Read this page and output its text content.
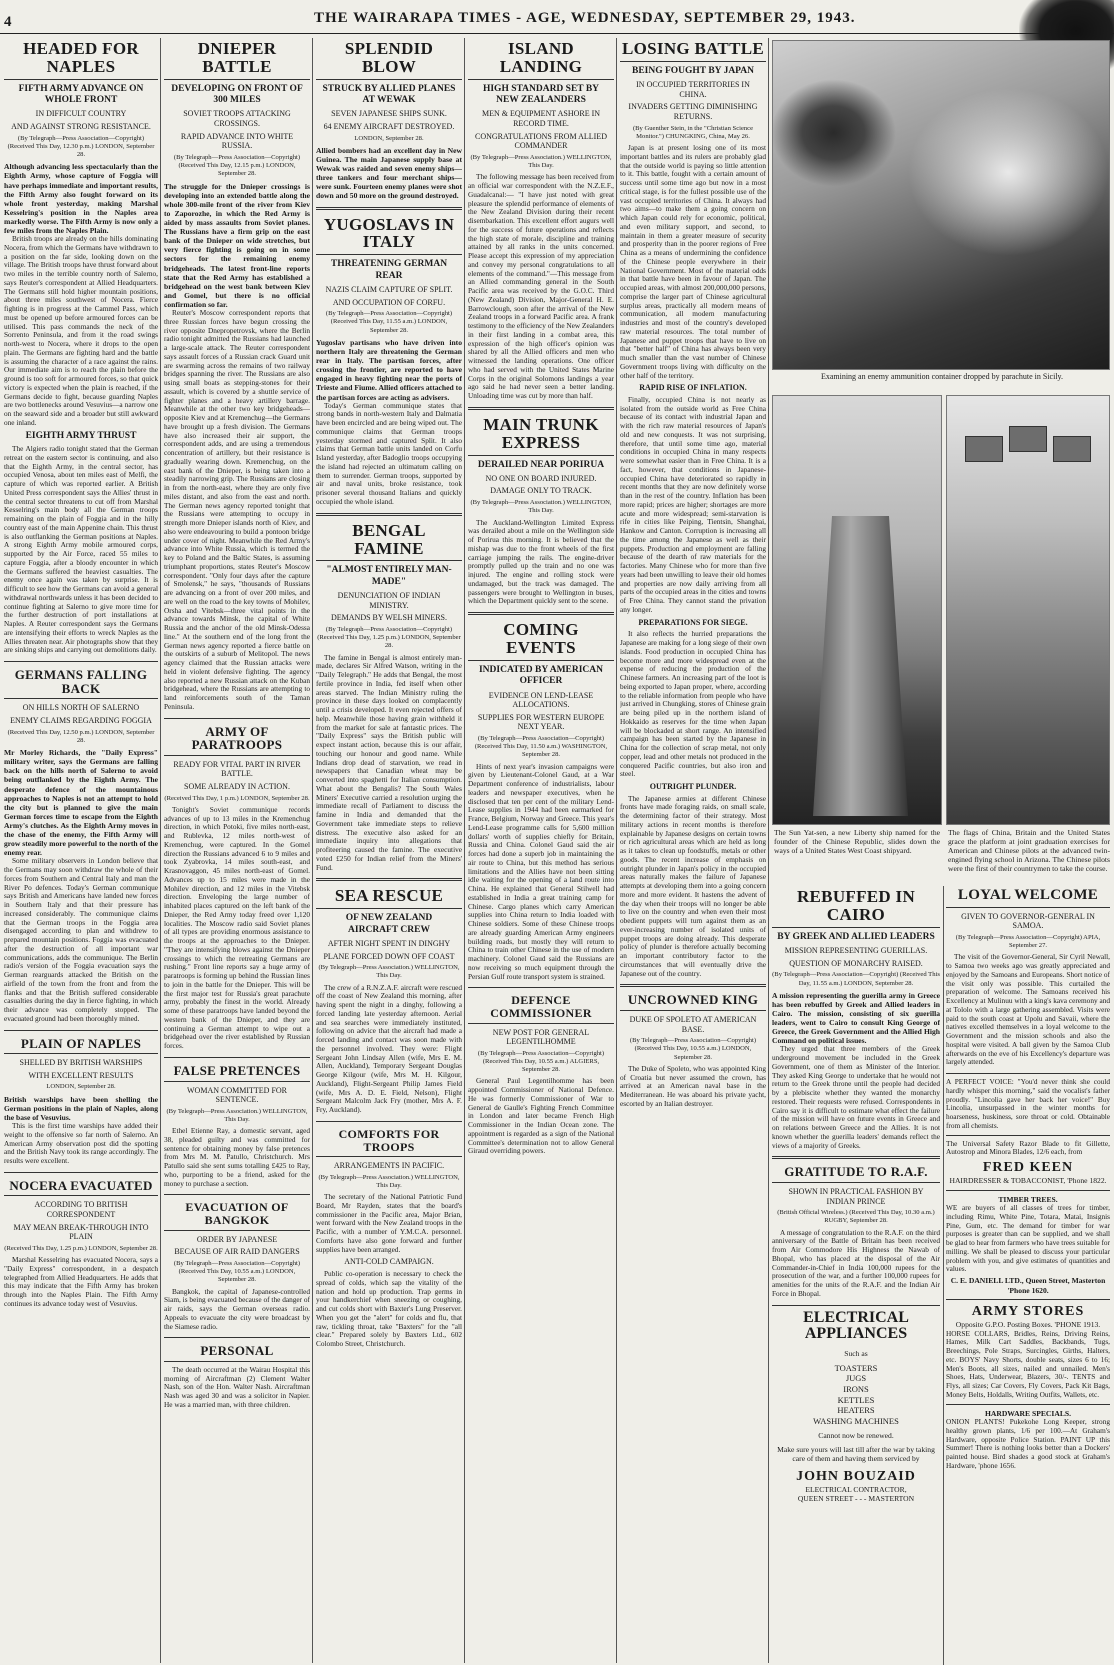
4	THE WAIRARAPA TIMES - AGE, WEDNESDAY, SEPTEMBER 29, 1943.
HEADED FOR NAPLES
FIFTH ARMY ADVANCE ON WHOLE FRONT
IN DIFFICULT COUNTRY
AND AGAINST STRONG RESISTANCE.
(By Telegraph—Press Association—Copyright) (Received This Day, 12.30 p.m.) LONDON, September 28.
Although advancing less spectacularly than the Eighth Army, whose capture of Foggia will have perhaps immediate and important results, the Fifth Army also fought forward on its whole front yesterday, making Marshal Kesselring's position in the Naples area markedly worse. The Fifth Army is now only a few miles from the Naples Plain.

British troops are already on the hills dominating Nocera, from which the Germans have withdrawn to a position on the far side, looking down on the village. The British troops have thrust forward about two miles in the terrible country north of Salerno, says Reuter's correspondent at Allied Headquarters. The Germans still hold higher mountain positions, about three miles southwest of Nocera. Fierce fighting is in progress at the Cammel Pass, which must be opened up before armoured forces can be utilised. This pass commands the neck of the Sorrento Peninsula, and from it the road swings north-west to Nocera, where it drops to the open plain. The Germans are fighting hard and the battle is assuming the character of a race against the rains. Our immediate aim is to reach the plain before the ground is too soft for armoured forces, so that quick victory is expected when the plain is reached, if the Germans decide to fight, because guarding Naples are two bottlenecks around Vesuvius—a narrow one on the seaward side and a broader but still awkward one inland.

EIGHTH ARMY THRUST

The Algiers radio tonight stated that the German retreat on the eastern sector is continuing, and also that the Eighth Army, in the central sector, has occupied Venosa, about ten miles east of Melfi, the capture of which was reported earlier. A British United Press correspondent says the Allies' thrust in the central sector threatens to cut off from Marshal Kesselring's main body all the German troops remaining on the plain of Foggia and in the hilly country east of the main Appenine chain. This thrust is also outflanking the German positions at Naples. A strong Eighth Army mobile armoured corps, supported by the Air Force, raced 55 miles to capture Foggia, after a bloody encounter in which the Germans suffered the heaviest casualties. The enemy once again was taken by surprise. It is difficult to see how the Germans can avoid a general withdrawal northwards unless it has been decided to continue fighting at Salerno to give more time for the further destruction of port installations at Naples. A Reuter correspondent says the Germans are intensifying their efforts to wreck Naples as the Allies threaten near. Air photographs show that they are sinking ships and carrying out demolitions daily.

GERMANS FALLING BACK
ON HILLS NORTH OF SALERNO
ENEMY CLAIMS REGARDING FOGGIA
(Received This Day, 12.50 p.m.) LONDON, September 28.
Mr Morley Richards, the "Daily Express" military writer, says the Germans are falling back on the hills north of Salerno to avoid being outflanked by the Eighth Army. The desperate defence of the mountainous approaches to Naples is not an attempt to hold the city but is planned to give the main German forces time to escape from the Eighth Army's clutches. As the Eighth Army moves in the chase of the enemy, the Fifth Army will grow steadily more powerful to the north of the enemy rear.

Some military observers in London believe that the Germans may soon withdraw the whole of their forces from Southern and Central Italy and man the River Po defences. Today's German communique says British and Americans have landed new forces in Southern Italy and that their pressure has increased considerably. The communique claims that the German troops in the Foggia area disengaged according to plan and withdrew to prepared mountain positions. Foggia was evacuated after the destruction of all important war communications, adds the communique. The Berlin radio's version of the Foggia evacuation says the German rearguards attacked the British on the airfield of the town from the front and from the flanks and that the British suffered considerable casualties during the day in fierce fighting, in which their advance was completely stopped. The evacuated ground had been thoroughly mined.

PLAIN OF NAPLES
SHELLED BY BRITISH WARSHIPS
WITH EXCELLENT RESULTS
LONDON, September 28.
British warships have been shelling the German positions in the plain of Naples, along the base of Vesuvius.

This is the first time warships have added their weight to the offensive so far north of Salerno. An American Army observation post did the spotting and the British Navy took its range accordingly. The results were excellent.

NOCERA EVACUATED
ACCORDING TO BRITISH CORRESPONDENT
MAY MEAN BREAK-THROUGH INTO PLAIN
(Received This Day, 1.25 p.m.) LONDON, September 28.

Marshal Kesselring has evacuated Nocera, says a "Daily Express" correspondent, in a despatch telegraphed from Allied Headquarters. He adds that this may indicate that the Fifth Army has broken through into the Naples Plain. The Fifth Army continues its advance today west of Vesuvius.

DNIEPER BATTLE
DEVELOPING ON FRONT OF 300 MILES
SOVIET TROOPS ATTACKING CROSSINGS.
RAPID ADVANCE INTO WHITE RUSSIA.
(By Telegraph—Press Association—Copyright) (Received This Day, 12.15 p.m.) LONDON, September 28.
The struggle for the Dnieper crossings is developing into an extended battle along the whole 300-mile front of the river from Kiev to Zaporozhe, in which the Red Army is aided by mass assaults from Soviet planes. The Russians have a firm grip on the east bank of the Dnieper on wide stretches, but very fierce fighting is going on in some sectors for the remaining enemy bridgeheads. The latest front-line reports state that the Red Army has established a bridgehead on the west bank between Kiev and Gomel, but there is no official confirmation so far.

Reuter's Moscow correspondent reports that three Russian forces have begun crossing the river opposite Dnepropetrovsk, where the Berlin radio tonight admitted the Russians had launched a large-scale attack. The Reuter correspondent says assault forces of a Russian crack Guard unit are swarming across the remains of two railway bridges spanning the river. The Russians are also using small boats as stepping-stones for their assault, which is covered by a shuttle service of fighter planes and a heavy artillery barrage. Meanwhile at the other two key bridgeheads—opposite Kiev and at Kremenchug—the Germans have brought up a fresh division. The Germans have also increased their air support, the correspondent adds, and are using a tremendous concentration of artillery, but their resistance is gradually wearing down. Kremenchug, on the east bank of the Dnieper, is being taken into a steadily narrowing grip. The Russians are closing in from the north-east, where they are only five miles distant, and also from the east and north. The German news agency reported tonight that the Russians were attempting to occupy in strength more Dnieper islands north of Kiev, and also were endeavouring to build a pontoon bridge under cover of night. Meanwhile the Red Army's advance into White Russia, which is termed the key to Poland and the Baltic States, is assuming triumphant proportions, states Reuter's Moscow correspondent. "Only four days after the capture of Smolensk," he says, "thousands of Russians are advancing on a front of over 200 miles, and are well on the road to the key towns of Mohilev, Orsha and Vitebsk—three vital points in the advance towards Minsk, the capital of White Russia and the anchor of the old Minsk-Odessa line." At the southern end of the long front the German news agency reported a fierce battle on the outskirts of a suburb of Melitopol. The news agency claimed that the Russian attacks were held in violent defensive fighting. The agency also reported a new Russian attack on the Kuban bridgehead, where the Russians are attempting to land reinforcements south of the Taman Peninsula.

ARMY OF PARATROOPS
READY FOR VITAL PART IN RIVER BATTLE.
SOME ALREADY IN ACTION.
(Received This Day, 1 p.m.) LONDON, September 28.

Tonight's Soviet communique records advances of up to 13 miles in the Kremenchug direction, in which Potoki, five miles north-east, and Rublevka, 12 miles north-west of Kremenchug, were captured. In the Gomel direction the Russians advanced 6 to 9 miles and took Zyabrovka, 14 miles south-east, and Krasnovaggon, 45 miles north-east of Gomel. Advances up to 15 miles were made in the Mohilev direction, and 12 miles in the Vitebsk direction. Enveloping the large number of inhabited places captured on the left bank of the Dnieper, the Red Army today freed over 1,120 localities. The Moscow radio said Soviet planes of all types are providing enormous assistance to the troops at the approaches to the Dnieper. "They are intensifying blows against the Dnieper crossings to which the retreating Germans are rushing." Front line reports say a huge army of paratroops is forming up behind the Russian lines to join in the battle for the Dnieper. This will be the first major test for Russia's great parachute army, probably the finest in the world. Already some of these paratroops have landed beyond the western bank of the Dnieper, and they are continuing a German attempt to wipe out a bridgehead over the river established by Russian forces.

FALSE PRETENCES
WOMAN COMMITTED FOR SENTENCE.
(By Telegraph—Press Association.) WELLINGTON, This Day.

Ethel Etienne Ray, a domestic servant, aged 38, pleaded guilty and was committed for sentence for obtaining money by false pretences from Mrs M. M. Patullo, Christchurch. Mrs Patullo said she sent sums totalling £425 to Ray, who, purporting to be a friend, asked for the money to purchase a section.

EVACUATION OF BANGKOK
ORDER BY JAPANESE
BECAUSE OF AIR RAID DANGERS
(By Telegraph—Press Association—Copyright) (Received This Day, 10.55 a.m.) LONDON, September 28.

Bangkok, the capital of Japanese-controlled Siam, is being evacuated because of the danger of air raids, says the German overseas radio. Appeals to evacuate the city were broadcast by the Siamese radio.

PERSONAL

The death occurred at the Wairau Hospital this morning of Aircraftman (2) Clement Walter Nash, son of the Hon. Walter Nash. Aircraftman Nash was aged 30 and was a solicitor in Napier. He was a married man, with three children.

SPLENDID BLOW
STRUCK BY ALLIED PLANES AT WEWAK
SEVEN JAPANESE SHIPS SUNK.
64 ENEMY AIRCRAFT DESTROYED.
LONDON, September 28.
Allied bombers had an excellent day in New Guinea. The main Japanese supply base at Wewak was raided and seven enemy ships—three tankers and four merchant ships—were sunk. Fourteen enemy planes were shot down and 50 more on the ground destroyed.
YUGOSLAVS IN ITALY
THREATENING GERMAN REAR
NAZIS CLAIM CAPTURE OF SPLIT.
AND OCCUPATION OF CORFU.
(By Telegraph—Press Association—Copyright) (Received This Day, 11.55 a.m.) LONDON, September 28.
Yugoslav partisans who have driven into northern Italy are threatening the German rear in Italy. The partisan forces, after crossing the frontier, are reported to have engaged in heavy fighting near the ports of Trieste and Fiume. Allied officers attached to the partisan forces are acting as advisers.

Today's German communique states that strong bands in north-western Italy and Dalmatia have been encircled and are being wiped out. The communique claims that German troops yesterday stormed and captured Split. It also claims that German battle units landed on Corfu Island yesterday, after Badoglio troops occupying the island had rejected an ultimatum calling on them to surrender. German troops, supported by air and naval units, broke resistance, took prisoner several thousand Italians and quickly occupied the whole island.

BENGAL FAMINE
"ALMOST ENTIRELY MAN-MADE"
DENUNCIATION OF INDIAN MINISTRY.
DEMANDS BY WELSH MINERS.
(By Telegraph—Press Association—Copyright) (Received This Day, 1.25 p.m.) LONDON, September 28.

The famine in Bengal is almost entirely man-made, declares Sir Alfred Watson, writing in the "Daily Telegraph." He adds that Bengal, the most fertile province in India, fed itself when other areas starved. The Indian Ministry ruling the province in these days looked on complacently until a crisis developed. It even rejected offers of help. Meanwhile those having grain withheld it from the market for sale at fantastic prices. The "Daily Express" says the British public will expect instant action, because this is our affair, touching our honour and good name. While Indians drop dead of starvation, we read in newspapers that Canadian wheat may be converted into spaghetti for Italian consumption. What about the Bengalis? The South Wales Miners' Executive carried a resolution urging the immediate recall of Parliament to discuss the famine in India and demanded that the Government take immediate steps to relieve distress. The executive also asked for an immediate inquiry into allegations that profiteering caused the famine. The executive voted £250 for Indian relief from the Miners' Fund.

SEA RESCUE
OF NEW ZEALAND AIRCRAFT CREW
AFTER NIGHT SPENT IN DINGHY
PLANE FORCED DOWN OFF COAST
(By Telegraph—Press Association.) WELLINGTON, This Day.

The crew of a R.N.Z.A.F. aircraft were rescued off the coast of New Zealand this morning, after having spent the night in a dinghy, following a forced landing late yesterday afternoon. Aerial and sea searches were immediately instituted, following on advice that the aircraft had made a forced landing and contact was soon made with the personnel involved. They were: Flight Sergeant John Lindsay Allen (wife, Mrs E. M. Allen, Auckland), Temporary Sergeant Douglas George Kilgour (wife, Mrs M. H. Kilgour, Auckland), Flight-Sergeant Philip James Field (wife, Mrs A. D. E. Field, Nelson), Flight Sergeant Malcolm Jack Fry (mother, Mrs A. F. Fry, Auckland).

COMFORTS FOR TROOPS
ARRANGEMENTS IN PACIFIC.
(By Telegraph—Press Association.) WELLINGTON, This Day.

The secretary of the National Patriotic Fund Board, Mr Rayden, states that the board's commissioner in the Pacific area, Major Brian, went forward with the New Zealand troops in the Pacific, with a number of Y.M.C.A. personnel. Comforts have also gone forward and further supplies have been arranged.

ANTI-COLD CAMPAIGN.

Public co-operation is necessary to check the spread of colds, which sap the vitality of the nation and hold up production. Trap germs in your handkerchief when sneezing or coughing, and cut colds short with Baxter's Lung Preserver. When you get the "alert" for colds and flu, that raw, tickling throat, take "Baxters" for the "all clear." Prepared solely by Baxters Ltd., 602 Colombo Street, Christchurch.

ISLAND LANDING
HIGH STANDARD SET BY NEW ZEALANDERS
MEN & EQUIPMENT ASHORE IN RECORD TIME.
CONGRATULATIONS FROM ALLIED COMMANDER
(By Telegraph—Press Association.) WELLINGTON, This Day.

The following message has been received from an official war correspondent with the N.Z.E.F., Guadalcanal:— "I have just noted with great pleasure the splendid performance of elements of the New Zealand Division during their recent disembarkation. This excellent effort augurs well for the success of future operations and reflects the high state of morale, discipline and training attained by all ranks in the units concerned. Please accept this expression of my appreciation and convey my personal congratulations to all elements of the command."—This message from an Allied commanding general in the South Pacific area was received by the G.O.C. Third (New Zealand) Division, Major-General H. E. Barrowclough, soon after the arrival of the New Zealand troops in a forward Pacific area. A frank testimony to the efficiency of the New Zealanders in their first landing in a combat area, this expression of the high officer's opinion was shared by all the Allied officers and men who witnessed the landing operations. One officer who had served with the United States Marine Corps in the original Solomons landings a year ago said he had never seen a better landing. Unloading time was cut by more than half.

MAIN TRUNK EXPRESS
DERAILED NEAR PORIRUA
NO ONE ON BOARD INJURED.
DAMAGE ONLY TO TRACK.
(By Telegraph—Press Association.) WELLINGTON, This Day.

The Auckland-Wellington Limited Express was derailed about a mile on the Wellington side of Porirua this morning. It is believed that the mishap was due to the front wheels of the first carriage jumping the rails. The engine-driver promptly pulled up the train and no one was injured. The engine and rolling stock were undamaged, but the track was damaged. The passengers were brought to Wellington in buses, which the Department quickly sent to the scene.

COMING EVENTS
INDICATED BY AMERICAN OFFICER
EVIDENCE ON LEND-LEASE ALLOCATIONS.
SUPPLIES FOR WESTERN EUROPE NEXT YEAR.
(By Telegraph—Press Association—Copyright) (Received This Day, 11.50 a.m.) WASHINGTON, September 28.

Hints of next year's invasion campaigns were given by Lieutenant-Colonel Gaud, at a War Department conference of industrialists, labour leaders and newspaper executives, when he disclosed that ten per cent of the military Lend-Lease supplies in 1944 had been earmarked for France, Belgium, Norway and Greece. This year's Lend-Lease programme calls for 5,600 million dollars' worth of supplies chiefly for Britain, Russia and China. Colonel Gaud said the air forces had done a superb job in maintaining the air route to China, but this method has serious limitations and the Allies have not been sitting idle waiting for the opening of a land route into China. He explained that General Stilwell had established in India a great training camp for Chinese. Cargo planes which carry American supplies into China return to India loaded with Chinese soldiers. Some of these Chinese troops are already guarding American Army engineers building roads, but mostly they will return to China to train other Chinese in the use of modern machinery. Colonel Gaud said the Russians are now receiving so much equipment through the Persian Gulf route transport system is strained.

DEFENCE COMMISSIONER
NEW POST FOR GENERAL LEGENTILHOMME
(By Telegraph—Press Association—Copyright) (Received This Day, 10.55 a.m.) ALGIERS, September 28.

General Paul Legentilhomme has been appointed Commissioner of National Defence. He was formerly Commissioner of War to General de Gaulle's Fighting French Committee in London and later became French High Commissioner in the Indian Ocean zone. The appointment is regarded as a sign of the National Committee's determination not to allow General Giraud overriding powers.

LOSING BATTLE
BEING FOUGHT BY JAPAN
IN OCCUPIED TERRITORIES IN CHINA.
INVADERS GETTING DIMINISHING RETURNS.
(By Guenther Stein, in the "Christian Science Monitor.") CHUNGKING, China, May 26.

Japan is at present losing one of its most important battles and its rulers are probably glad that the outside world is paying so little attention to it. This battle, fought with a certain amount of success until some time ago but now in a most critical stage, is for the fullest possible use of the vast occupied territories of China. It always had two aims—to make them a going concern on which Japan could rely for economic, political, and even military support, and second, to maintain in them a greater measure of security and prosperity than in the poorer regions of Free China as a means of undermining the confidence of the Chinese people everywhere in their National Government. Most of the material odds in that battle have been in favour of Japan. The occupied areas, with almost 200,000,000 persons, comprise the larger part of Chinese agricultural surplus areas, practically all modern means of communication, all modern manufacturing industries and most of the country's developed raw material resources. The total number of Japanese and puppet troops that have to live on that "better half" of China has always been very much smaller than the vast number of Chinese Government troops living with difficulty on the other half of the territory.

RAPID RISE OF INFLATION.

Finally, occupied China is not nearly as isolated from the outside world as Free China because of its contact with industrial Japan and with the rich raw material resources of Japan's old and new conquests. It was not surprising, therefore, that until some time ago, material conditions in occupied China in many respects were somewhat easier than in Free China. It is a fact, however, that conditions in Japanese-occupied China have deteriorated so rapidly in recent months that they are now definitely worse than in the rest of the country. Inflation has been more rapid; prices are higher; shortages are more acute and more widespread; semi-starvation is rife in cities like Peiping, Tientsin, Shanghai, Hankow and Canton. Corruption is increasing all the time among the Japanese as well as their puppets. Production and employment are falling because of the dearth of raw materials for the factories. Many Chinese who for more than five years had been unwilling to leave their old homes and properties are now daily arriving from all parts of the occupied areas in the cities and towns of Free China. They cannot stand the privation any longer.

PREPARATIONS FOR SIEGE.

It also reflects the hurried preparations the Japanese are making for a long siege of their own islands. Food production in occupied China has become more and more widespread even at the expense of reducing the production of the Chinese farmers. An increasing part of the loot is being exported to Japan proper, where, according to the reliable information from people who have just arrived in Chungking, stores of Chinese grain are being piled up in the northern island of Hokkaido as reserves for the time when Japan will be blockaded at short range. An intensified campaign has been started by the Japanese in China for the collection of scrap metal, not only copper, lead and other metals not produced in the conquered Pacific countries, but also iron and steel.

OUTRIGHT PLUNDER.

The Japanese armies at different Chinese fronts have made foraging raids, on small scale, the determining factor of their strategy. Most military actions in recent months is therefore explainable by Japanese designs on certain towns or rich agricultural areas which are held as long as it takes to clean up foodstuffs, metals or other goods. The recent increase of emphasis on outright plunder in Japan's policy in the occupied areas naturally makes the failure of Japanese attempts at developing them into a going concern more and more evident. It hastens the advent of the day when their troops will no longer be able to live on the country and when even their most obedient puppets will turn against them as an ever-increasing number of isolated units of puppet troops are doing already. This desperate policy of plunder is therefore actually becoming an important contributory factor to the circumstances that will eventually drive the Japanese out of the country.

UNCROWNED KING
DUKE OF SPOLETO AT AMERICAN BASE.
(By Telegraph—Press Association—Copyright) (Received This Day, 10.55 a.m.) LONDON, September 28.

The Duke of Spoleto, who was appointed King of Croatia but never assumed the crown, has arrived at an American naval base in the Mediterranean. He was aboard his private yacht, escorted by an Italian destroyer.

Examining an enemy ammunition container dropped by parachute in Sicily.
The Sun Yat-sen, a new Liberty ship named for the founder of the Chinese Republic, slides down the ways of a United States West Coast shipyard.
The flags of China, Britain and the United States grace the platform at joint graduation exercises for American and Chinese pilots at the advanced twin-engined flying school in Arizona. The Chinese pilots were the first of their countrymen to take the course.
REBUFFED IN CAIRO
BY GREEK AND ALLIED LEADERS
MISSION REPRESENTING GUERILLAS.
QUESTION OF MONARCHY RAISED.
(By Telegraph—Press Association—Copyright) (Received This Day, 11.55 a.m.) LONDON, September 28.
A mission representing the guerilla army in Greece has been rebuffed by Greek and Allied leaders in Cairo. The mission, consisting of six guerilla leaders, went to Cairo to consult King George of Greece, the Greek Government and the Allied High Command on political issues.

They urged that three members of the Greek underground movement be included in the Greek Government, one of them as Minister of the Interior. They asked King George to undertake that he would not return to the Greek throne until the people had decided by a plebiscite whether they wanted the monarchy restored. Their requests were refused. Correspondents in Cairo say it is difficult to estimate what effect the failure of the mission will have on future events in Greece and on relations between Greece and the Allies. It is not known whether the guerilla leaders' demands reflect the views of a majority of Greeks.

GRATITUDE TO R.A.F.
SHOWN IN PRACTICAL FASHION BY INDIAN PRINCE
(British Official Wireless.) (Received This Day, 10.30 a.m.) RUGBY, September 28.

A message of congratulation to the R.A.F. on the third anniversary of the Battle of Britain has been received from Air Commodore His Highness the Nawab of Bhopal, who has placed at the disposal of the Air Commander-in-Chief in India 100,000 rupees for the prosecution of the war, and a further 100,000 rupees for amenities for the units of the R.A.F. and the Indian Air Force in Bhopal.

ELECTRICAL APPLIANCES
Such as
TOASTERS
JUGS
IRONS
KETTLES
HEATERS
WASHING MACHINES
Cannot now be renewed.
Make sure yours will last till after the war by taking care of them and having them serviced by
JOHN BOUZAID
ELECTRICAL CONTRACTOR,
QUEEN STREET - - - MASTERTON
LOYAL WELCOME
GIVEN TO GOVERNOR-GENERAL IN SAMOA.
(By Telegraph—Press Association—Copyright) APIA, September 27.

The visit of the Governor-General, Sir Cyril Newall, to Samoa two weeks ago was greatly appreciated and enjoyed by the Samoans and Europeans. Short notice of the visit only was possible. This curtailed the preparation of welcome. The Samoans received his Excellency at Mulinuu with a king's kava ceremony and at Tololo with a large gathering assembled. Visits were paid to the south coast at Upolu and Savaii, where the natives excelled themselves in a loyal welcome to the Government and the mission schools and also the hospital were visited. A ball given by the Samoa Club afterwards on the eve of his Excellency's departure was largely attended.

A PERFECT VOICE: "You'd never think she could hardly whisper this morning," said the vocalist's father proudly. "Lincolia gave her back her voice!" Buy Lincolia, unsurpassed in the winter months for hoarseness, huskiness, sore throat or cold. Obtainable from all chemists.
The Universal Safety Razor Blade to fit Gillette, Autostrop and Minora Blades, 12/6 each, from
FRED KEEN
HAIRDRESSER & TOBACCONIST, 'Phone 1822.
TIMBER TREES.
WE are buyers of all classes of trees for timber, including Rimu, White Pine, Totara, Matai, Insignis Pine, Gum, etc. The demand for timber for war purposes is greater than can be supplied, and we shall be glad to hear from farmers who have trees suitable for milling. We shall be pleased to discuss your particular problem with you, and give estimates of quantities and values.
C. E. DANIELL LTD., Queen Street, Masterton 'Phone 1620.
ARMY STORES
Opposite G.P.O. Posting Boxes. 'PHONE 1913.
HORSE COLLARS, Bridles, Reins, Driving Reins, Hames, Milk Cart Saddles, Backbands, Tugs, Breechings, Pole Straps, Surcingles, Girths, Halters, etc. BOYS' Navy Shorts, double seats, sizes 6 to 16; Men's Boots, all sizes, nailed and unnailed. Men's Shoes, Hats, Underwear, Blazers, 30/-. TENTS and Flys, all sizes; Car Covers, Fly Covers, Pack Kit Bags, Money Belts, Holdalls, Writing Outfits, Wallets, etc.
HARDWARE SPECIALS.
ONION PLANTS! Pukekohe Long Keeper, strong healthy grown plants, 1/6 per 100.—At Graham's Hardware, opposite Police Station. PAINT UP this Summer! There is nothing looks better than a Dockers' painted house. Bird shades a good stock at Graham's Hardware, 'phone 1656.
